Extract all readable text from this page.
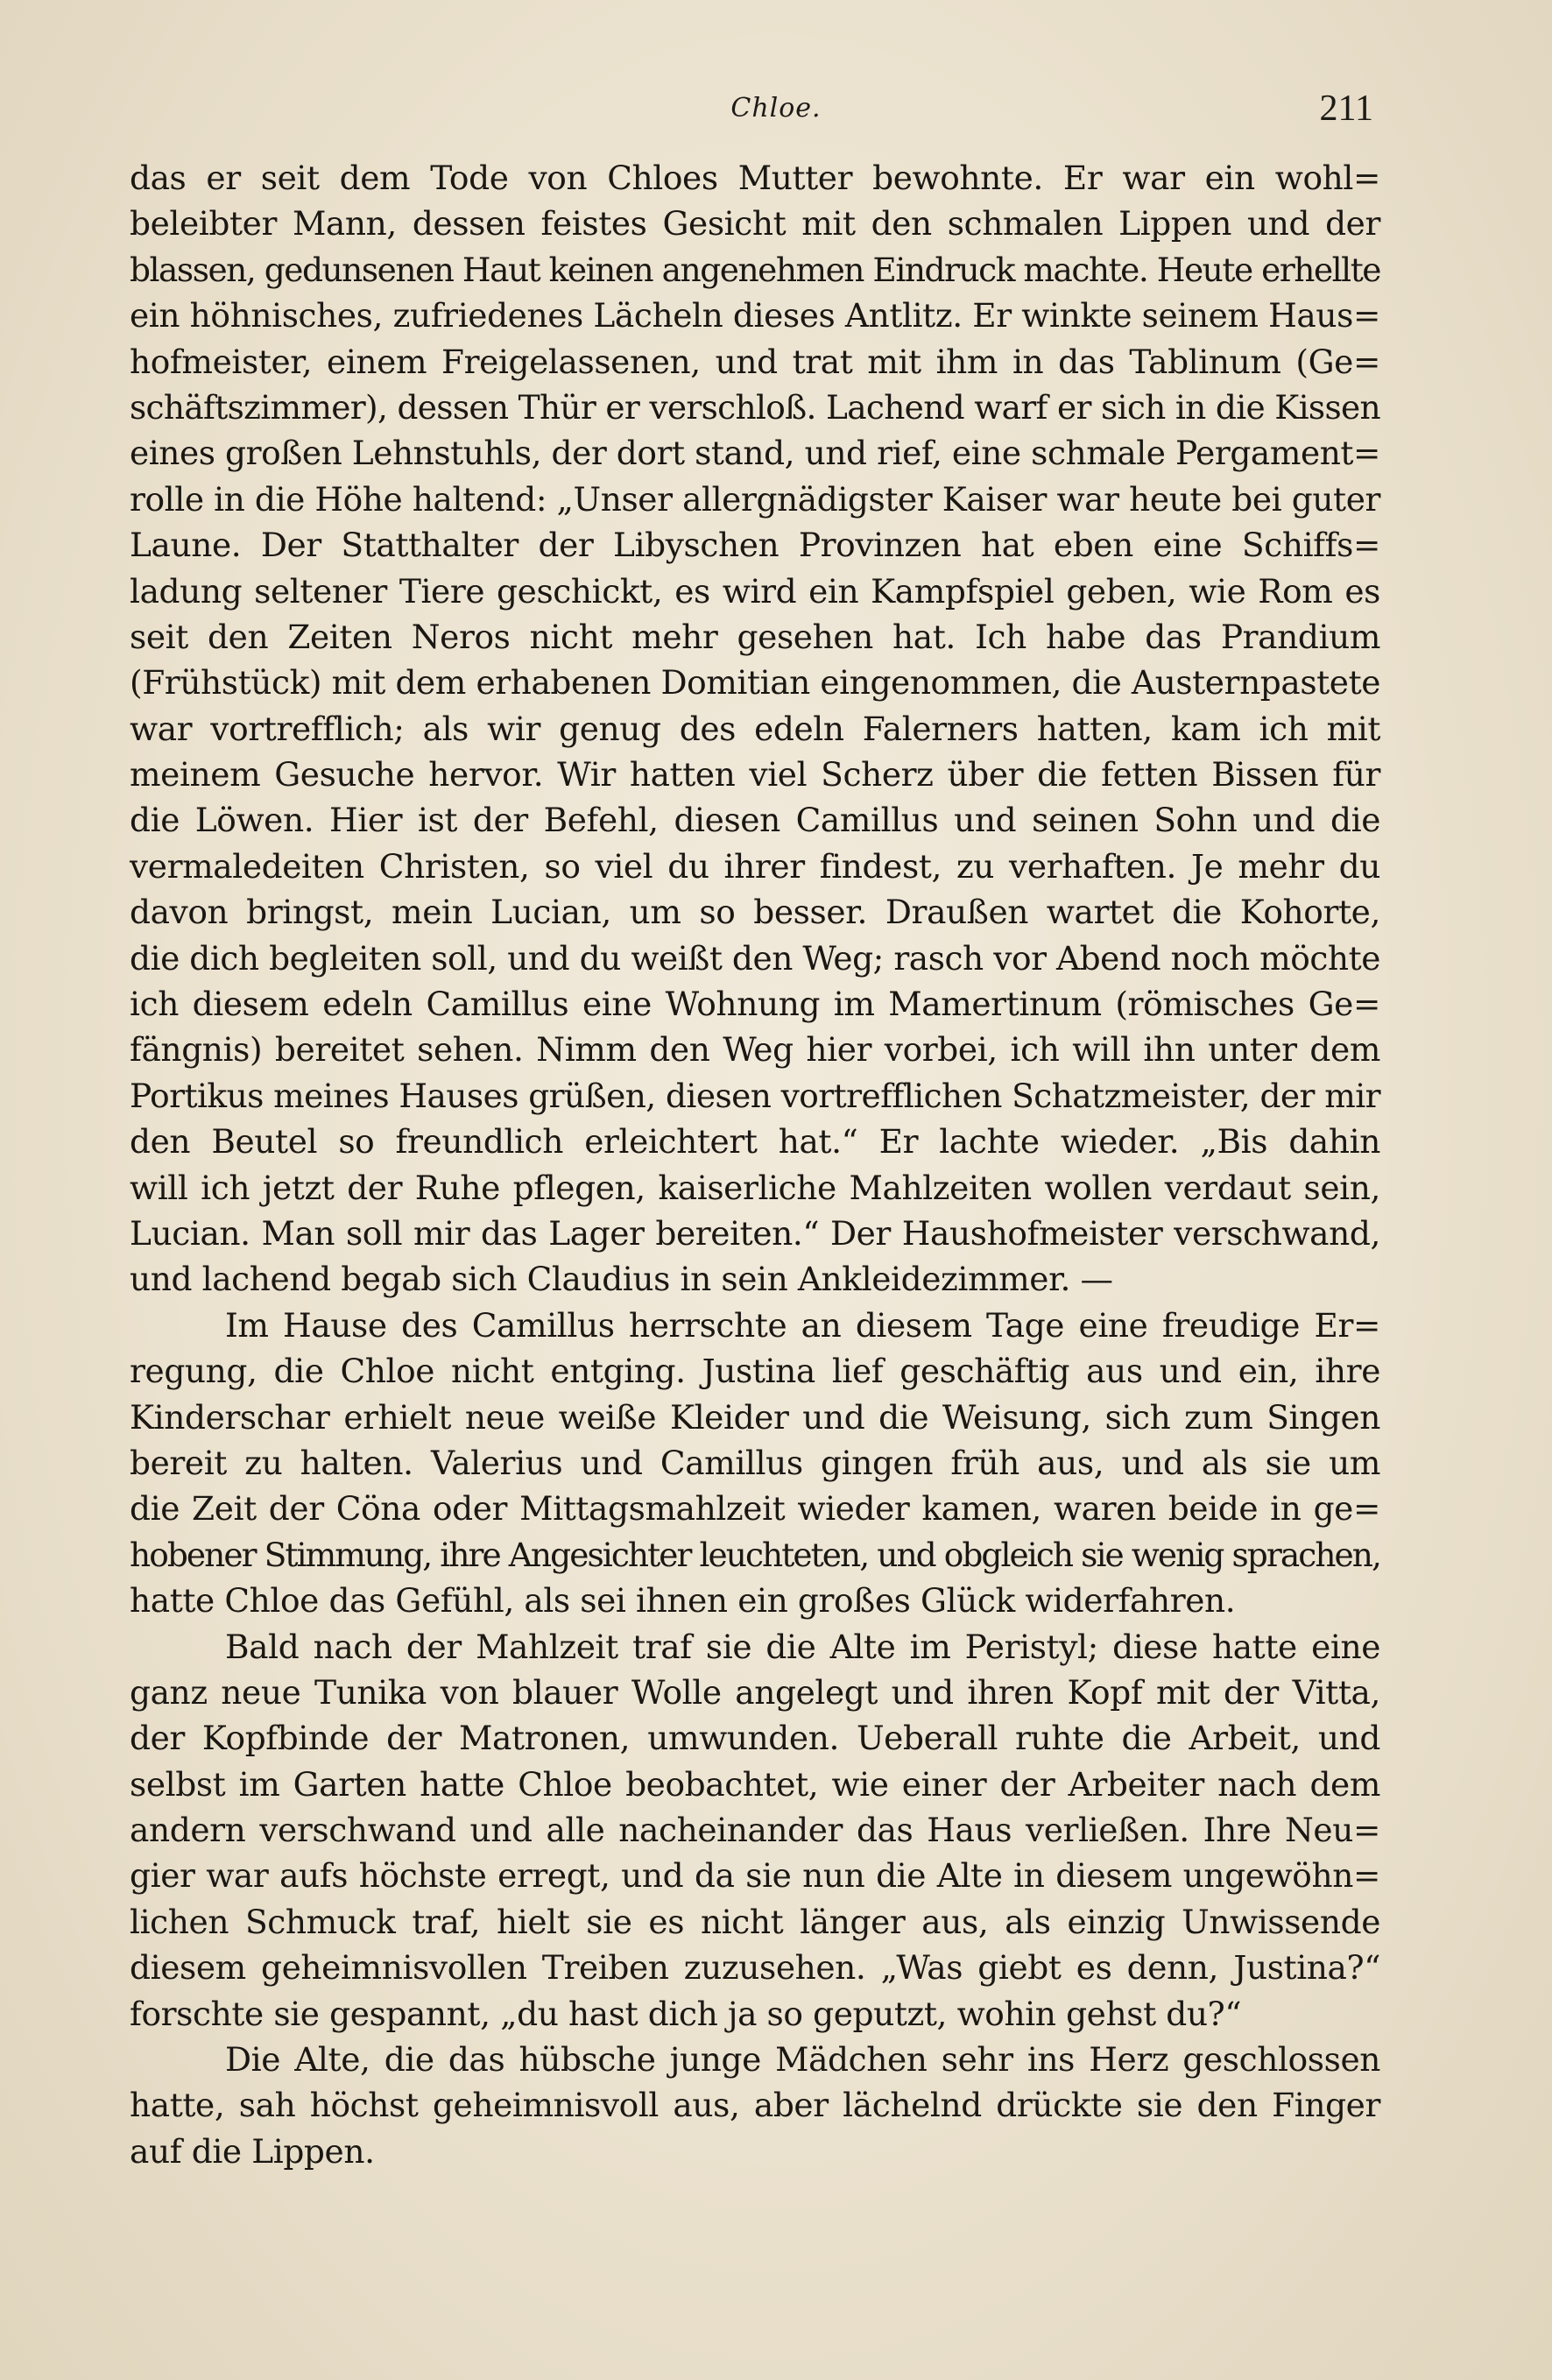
Chloe.	211
das er seit dem Tode von Chloes Mutter bewohnte. Er war ein wohl=
beleibter Mann, dessen feistes Gesicht mit den schmalen Lippen und der
blassen, gedunsenen Haut keinen angenehmen Eindruck machte. Heute erhellte
ein höhnisches, zufriedenes Lächeln dieses Antlitz. Er winkte seinem Haus=
hofmeister, einem Freigelassenen, und trat mit ihm in das Tablinum (Ge=
schäftszimmer), dessen Thür er verschloß. Lachend warf er sich in die Kissen
eines großen Lehnstuhls, der dort stand, und rief, eine schmale Pergament=
rolle in die Höhe haltend: „Unser allergnädigster Kaiser war heute bei guter
Laune. Der Statthalter der Libyschen Provinzen hat eben eine Schiffs=
ladung seltener Tiere geschickt, es wird ein Kampfspiel geben, wie Rom es
seit den Zeiten Neros nicht mehr gesehen hat. Ich habe das Prandium
(Frühstück) mit dem erhabenen Domitian eingenommen, die Austernpastete
war vortrefflich; als wir genug des edeln Falerners hatten, kam ich mit
meinem Gesuche hervor. Wir hatten viel Scherz über die fetten Bissen für
die Löwen. Hier ist der Befehl, diesen Camillus und seinen Sohn und die
vermaledeiten Christen, so viel du ihrer findest, zu verhaften. Je mehr du
davon bringst, mein Lucian, um so besser. Draußen wartet die Kohorte,
die dich begleiten soll, und du weißt den Weg; rasch vor Abend noch möchte
ich diesem edeln Camillus eine Wohnung im Mamertinum (römisches Ge=
fängnis) bereitet sehen. Nimm den Weg hier vorbei, ich will ihn unter dem
Portikus meines Hauses grüßen, diesen vortrefflichen Schatzmeister, der mir
den Beutel so freundlich erleichtert hat.“ Er lachte wieder. „Bis dahin
will ich jetzt der Ruhe pflegen, kaiserliche Mahlzeiten wollen verdaut sein,
Lucian. Man soll mir das Lager bereiten.“ Der Haushofmeister verschwand,
und lachend begab sich Claudius in sein Ankleidezimmer. —
Im Hause des Camillus herrschte an diesem Tage eine freudige Er=
regung, die Chloe nicht entging. Justina lief geschäftig aus und ein, ihre
Kinderschar erhielt neue weiße Kleider und die Weisung, sich zum Singen
bereit zu halten. Valerius und Camillus gingen früh aus, und als sie um
die Zeit der Cöna oder Mittagsmahlzeit wieder kamen, waren beide in ge=
hobener Stimmung, ihre Angesichter leuchteten, und obgleich sie wenig sprachen,
hatte Chloe das Gefühl, als sei ihnen ein großes Glück widerfahren.
Bald nach der Mahlzeit traf sie die Alte im Peristyl; diese hatte eine
ganz neue Tunika von blauer Wolle angelegt und ihren Kopf mit der Vitta,
der Kopfbinde der Matronen, umwunden. Ueberall ruhte die Arbeit, und
selbst im Garten hatte Chloe beobachtet, wie einer der Arbeiter nach dem
andern verschwand und alle nacheinander das Haus verließen. Ihre Neu=
gier war aufs höchste erregt, und da sie nun die Alte in diesem ungewöhn=
lichen Schmuck traf, hielt sie es nicht länger aus, als einzig Unwissende
diesem geheimnisvollen Treiben zuzusehen. „Was giebt es denn, Justina?“
forschte sie gespannt, „du hast dich ja so geputzt, wohin gehst du?“
Die Alte, die das hübsche junge Mädchen sehr ins Herz geschlossen
hatte, sah höchst geheimnisvoll aus, aber lächelnd drückte sie den Finger
auf die Lippen.
